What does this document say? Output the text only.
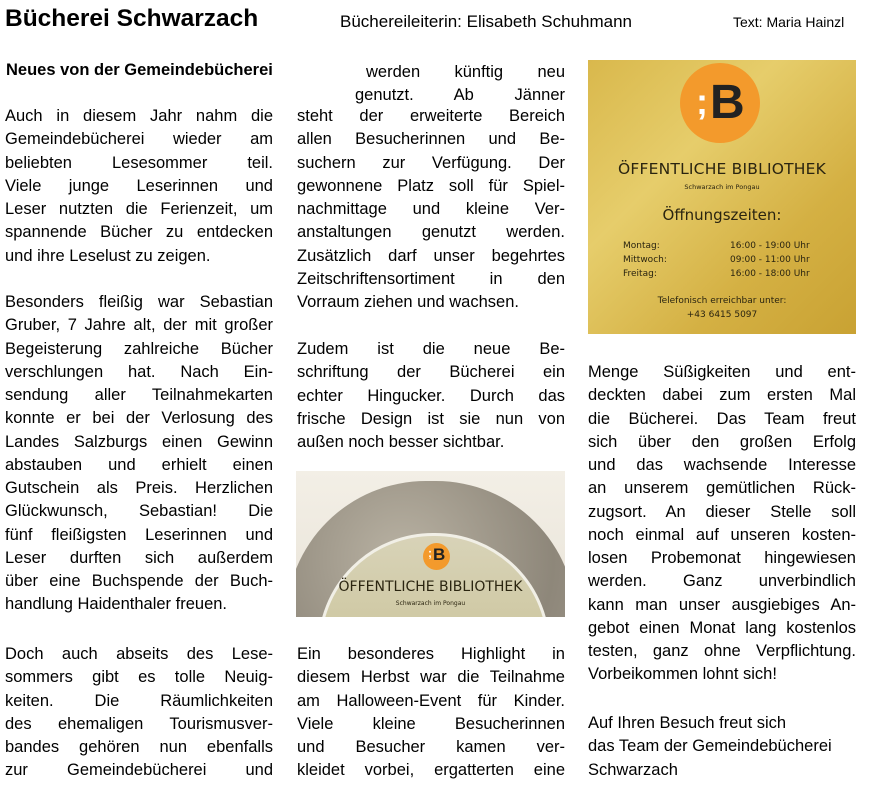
Bücherei Schwarzach	Büchereileiterin: Elisabeth Schuhmann	Text: Maria Hainzl
Neues von der Gemeindebücherei
Auch in diesem Jahr nahm die
Gemeindebücherei wieder am
beliebten Lesesommer teil.
Viele junge Leserinnen und
Leser nutzten die Ferienzeit, um
spannende Bücher zu entdecken
und ihre Leselust zu zeigen.
Besonders fleißig war Sebastian
Gruber, 7 Jahre alt, der mit großer
Begeisterung zahlreiche Bücher
verschlungen hat. Nach Ein-
sendung aller Teilnahmekarten
konnte er bei der Verlosung des
Landes Salzburgs einen Gewinn
abstauben und erhielt einen
Gutschein als Preis. Herzlichen
Glückwunsch, Sebastian! Die
fünf fleißigsten Leserinnen und
Leser durften sich außerdem
über eine Buchspende der Buch-
handlung Haidenthaler freuen.
Doch auch abseits des Lese-
sommers gibt es tolle Neuig-
keiten. Die Räumlichkeiten
des ehemaligen Tourismusver-
bandes gehören nun ebenfalls
zur Gemeindebücherei und
werden künftig neu
genutzt. Ab Jänner
steht der erweiterte Bereich
allen Besucherinnen und Be-
suchern zur Verfügung. Der
gewonnene Platz soll für Spiel-
nachmittage und kleine Ver-
anstaltungen genutzt werden.
Zusätzlich darf unser begehrtes
Zeitschriftensortiment in den
Vorraum ziehen und wachsen.
Zudem ist die neue Be-
schriftung der Bücherei ein
echter Hingucker. Durch das
frische Design ist sie nun von
außen noch besser sichtbar.
Ein besonderes Highlight in
diesem Herbst war die Teilnahme
am Halloween-Event für Kinder.
Viele kleine Besucherinnen
und Besucher kamen ver-
kleidet vorbei, ergatterten eine
Menge Süßigkeiten und ent-
deckten dabei zum ersten Mal
die Bücherei. Das Team freut
sich über den großen Erfolg
und das wachsende Interesse
an unserem gemütlichen Rück-
zugsort. An dieser Stelle soll
noch einmal auf unseren kosten-
losen Probemonat hingewiesen
werden. Ganz unverbindlich
kann man unser ausgiebiges An-
gebot einen Monat lang kostenlos
testen, ganz ohne Verpflichtung.
Vorbeikommen lohnt sich!
Auf Ihren Besuch freut sich
das Team der Gemeindebücherei
Schwarzach
; B
ÖFFENTLICHE BIBLIOTHEK
Schwarzach im Pongau
Öffnungszeiten:
Montag:	16:00 - 19:00 Uhr
Mittwoch:	09:00 - 11:00 Uhr
Freitag:	16:00 - 18:00 Uhr
Telefonisch erreichbar unter:
+43 6415 5097
; B
ÖFFENTLICHE BIBLIOTHEK
Schwarzach im Pongau
